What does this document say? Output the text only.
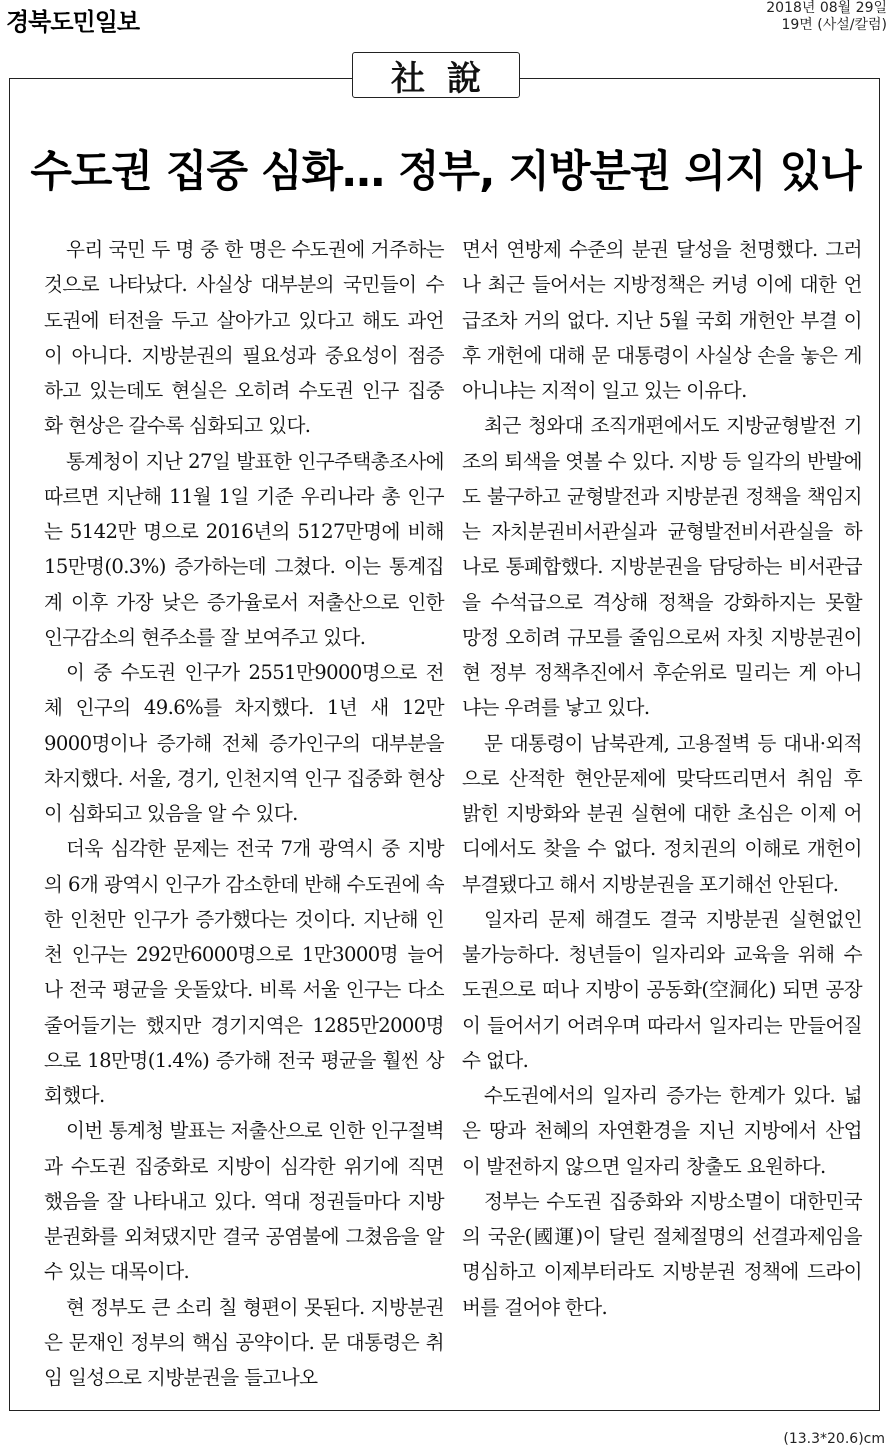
경북도민일보	2018년 08월 29일
19면 (사설/칼럼)
社說
수도권 집중 심화… 정부, 지방분권 의지 있나

우리 국민 두 명 중 한 명은 수도권에 거주하는 것으로 나타났다. 사실상 대부분의 국민들이 수도권에 터전을 두고 살아가고 있다고 해도 과언이 아니다. 지방분권의 필요성과 중요성이 점증하고 있는데도 현실은 오히려 수도권 인구 집중화 현상은 갈수록 심화되고 있다.

통계청이 지난 27일 발표한 인구주택총조사에 따르면 지난해 11월 1일 기준 우리나라 총 인구는 5142만 명으로 2016년의 5127만명에 비해 15만명(0.3%) 증가하는데 그쳤다. 이는 통계집계 이후 가장 낮은 증가율로서 저출산으로 인한 인구감소의 현주소를 잘 보여주고 있다.

이 중 수도권 인구가 2551만9000명으로 전체 인구의 49.6%를 차지했다. 1년 새 12만9000명이나 증가해 전체 증가인구의 대부분을 차지했다. 서울, 경기, 인천지역 인구 집중화 현상이 심화되고 있음을 알 수 있다.

더욱 심각한 문제는 전국 7개 광역시 중 지방의 6개 광역시 인구가 감소한데 반해 수도권에 속한 인천만 인구가 증가했다는 것이다. 지난해 인천 인구는 292만6000명으로 1만3000명 늘어나 전국 평균을 웃돌았다. 비록 서울 인구는 다소 줄어들기는 했지만 경기지역은 1285만2000명으로 18만명(1.4%) 증가해 전국 평균을 훨씬 상회했다.

이번 통계청 발표는 저출산으로 인한 인구절벽과 수도권 집중화로 지방이 심각한 위기에 직면했음을 잘 나타내고 있다. 역대 정권들마다 지방분권화를 외쳐댔지만 결국 공염불에 그쳤음을 알 수 있는 대목이다.

현 정부도 큰 소리 칠 형편이 못된다. 지방분권은 문재인 정부의 핵심 공약이다. 문 대통령은 취임 일성으로 지방분권을 들고나오

면서 연방제 수준의 분권 달성을 천명했다. 그러나 최근 들어서는 지방정책은 커녕 이에 대한 언급조차 거의 없다. 지난 5월 국회 개헌안 부결 이후 개헌에 대해 문 대통령이 사실상 손을 놓은 게 아니냐는 지적이 일고 있는 이유다.

최근 청와대 조직개편에서도 지방균형발전 기조의 퇴색을 엿볼 수 있다. 지방 등 일각의 반발에도 불구하고 균형발전과 지방분권 정책을 책임지는 자치분권비서관실과 균형발전비서관실을 하나로 통폐합했다. 지방분권을 담당하는 비서관급을 수석급으로 격상해 정책을 강화하지는 못할 망정 오히려 규모를 줄임으로써 자칫 지방분권이 현 정부 정책추진에서 후순위로 밀리는 게 아니냐는 우려를 낳고 있다.

문 대통령이 남북관계, 고용절벽 등 대내·외적으로 산적한 현안문제에 맞닥뜨리면서 취임 후 밝힌 지방화와 분권 실현에 대한 초심은 이제 어디에서도 찾을 수 없다. 정치권의 이해로 개헌이 부결됐다고 해서 지방분권을 포기해선 안된다.

일자리 문제 해결도 결국 지방분권 실현없인 불가능하다. 청년들이 일자리와 교육을 위해 수도권으로 떠나 지방이 공동화(空洞化) 되면 공장이 들어서기 어려우며 따라서 일자리는 만들어질 수 없다.

수도권에서의 일자리 증가는 한계가 있다. 넓은 땅과 천혜의 자연환경을 지닌 지방에서 산업이 발전하지 않으면 일자리 창출도 요원하다.

정부는 수도권 집중화와 지방소멸이 대한민국의 국운(國運)이 달린 절체절명의 선결과제임을 명심하고 이제부터라도 지방분권 정책에 드라이버를 걸어야 한다.

(13.3*20.6)cm
